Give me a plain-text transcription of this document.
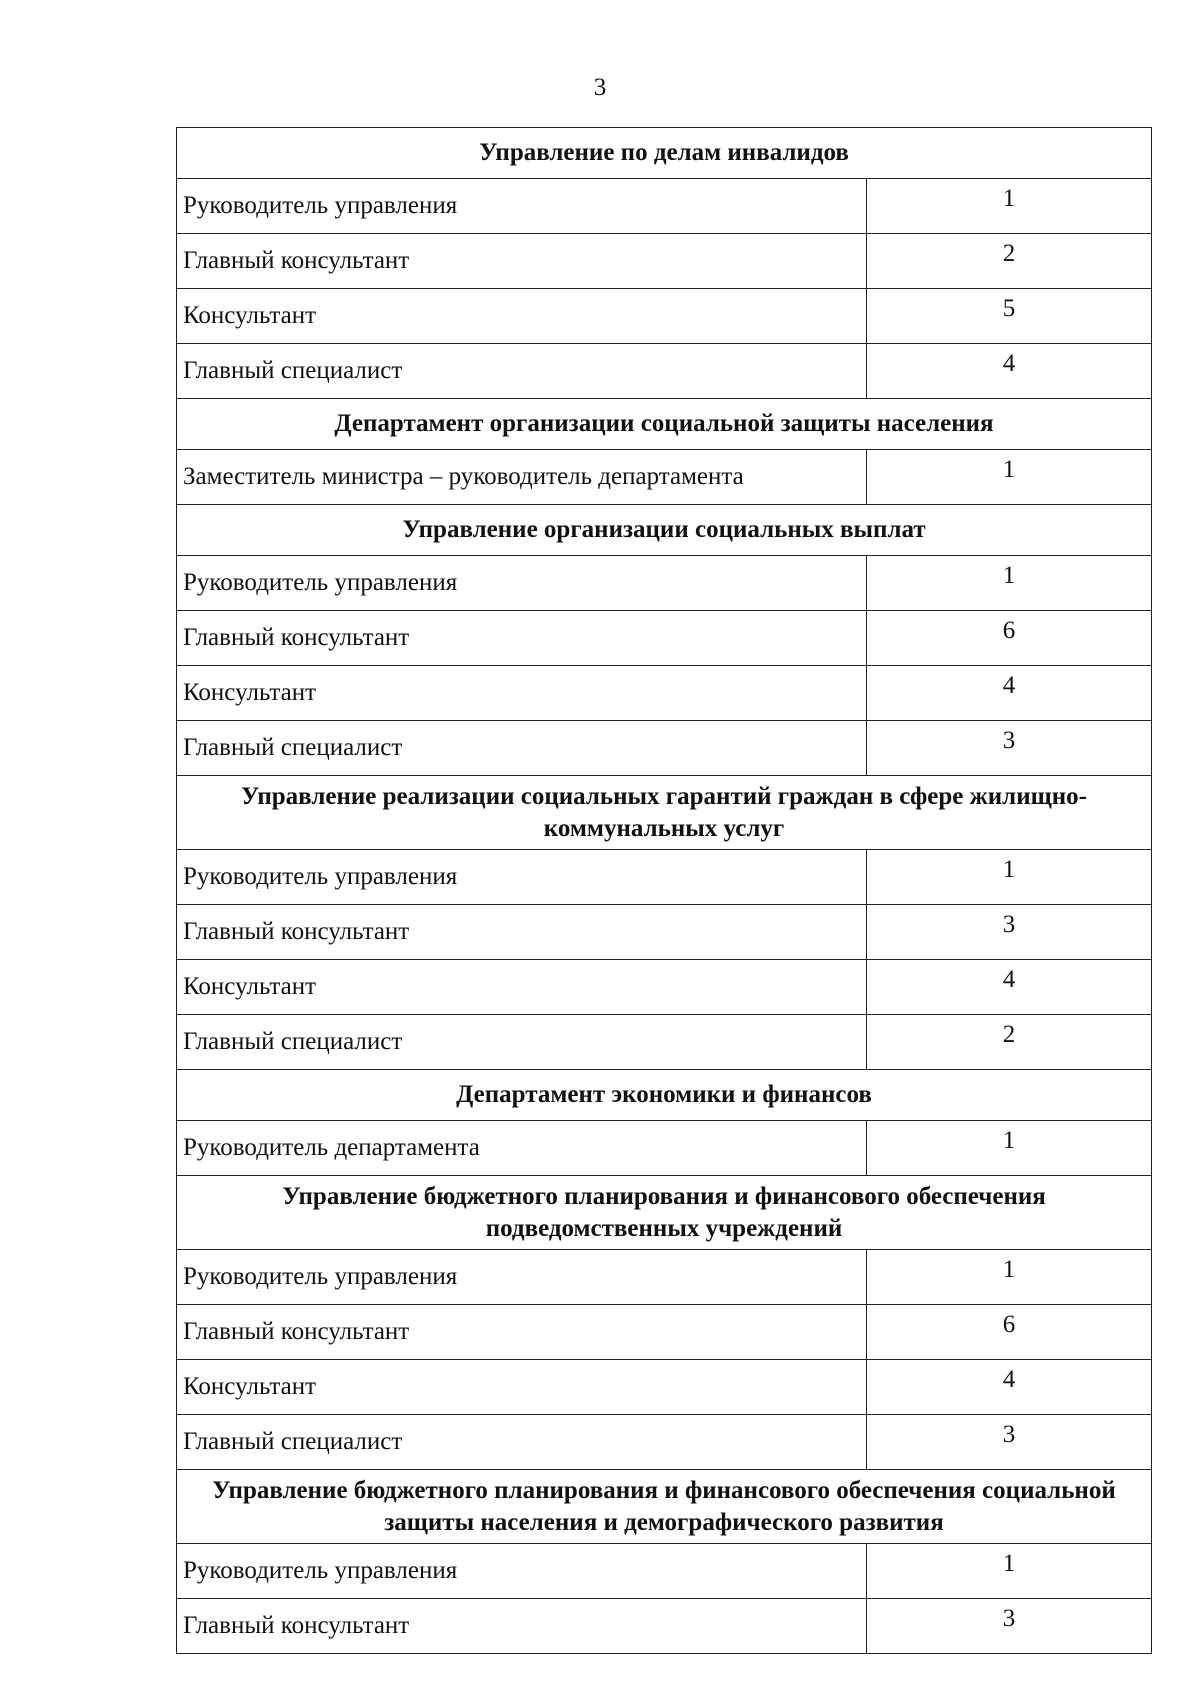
3
Управление по делам инвалидов	
Руководитель управления	1
Главный консультант	2
Консультант	5
Главный специалист	4
Департамент организации социальной защиты населения	
Заместитель министра – руководитель департамента	1
Управление организации социальных выплат	
Руководитель управления	1
Главный консультант	6
Консультант	4
Главный специалист	3
Управление реализации социальных гарантий граждан в сфере жилищно-коммунальных услуг	
Руководитель управления	1
Главный консультант	3
Консультант	4
Главный специалист	2
Департамент экономики и финансов	
Руководитель департамента	1
Управление бюджетного планирования и финансового обеспечения подведомственных учреждений	
Руководитель управления	1
Главный консультант	6
Консультант	4
Главный специалист	3
Управление бюджетного планирования и финансового обеспечения социальной защиты населения и демографического развития	
Руководитель управления	1
Главный консультант	3
